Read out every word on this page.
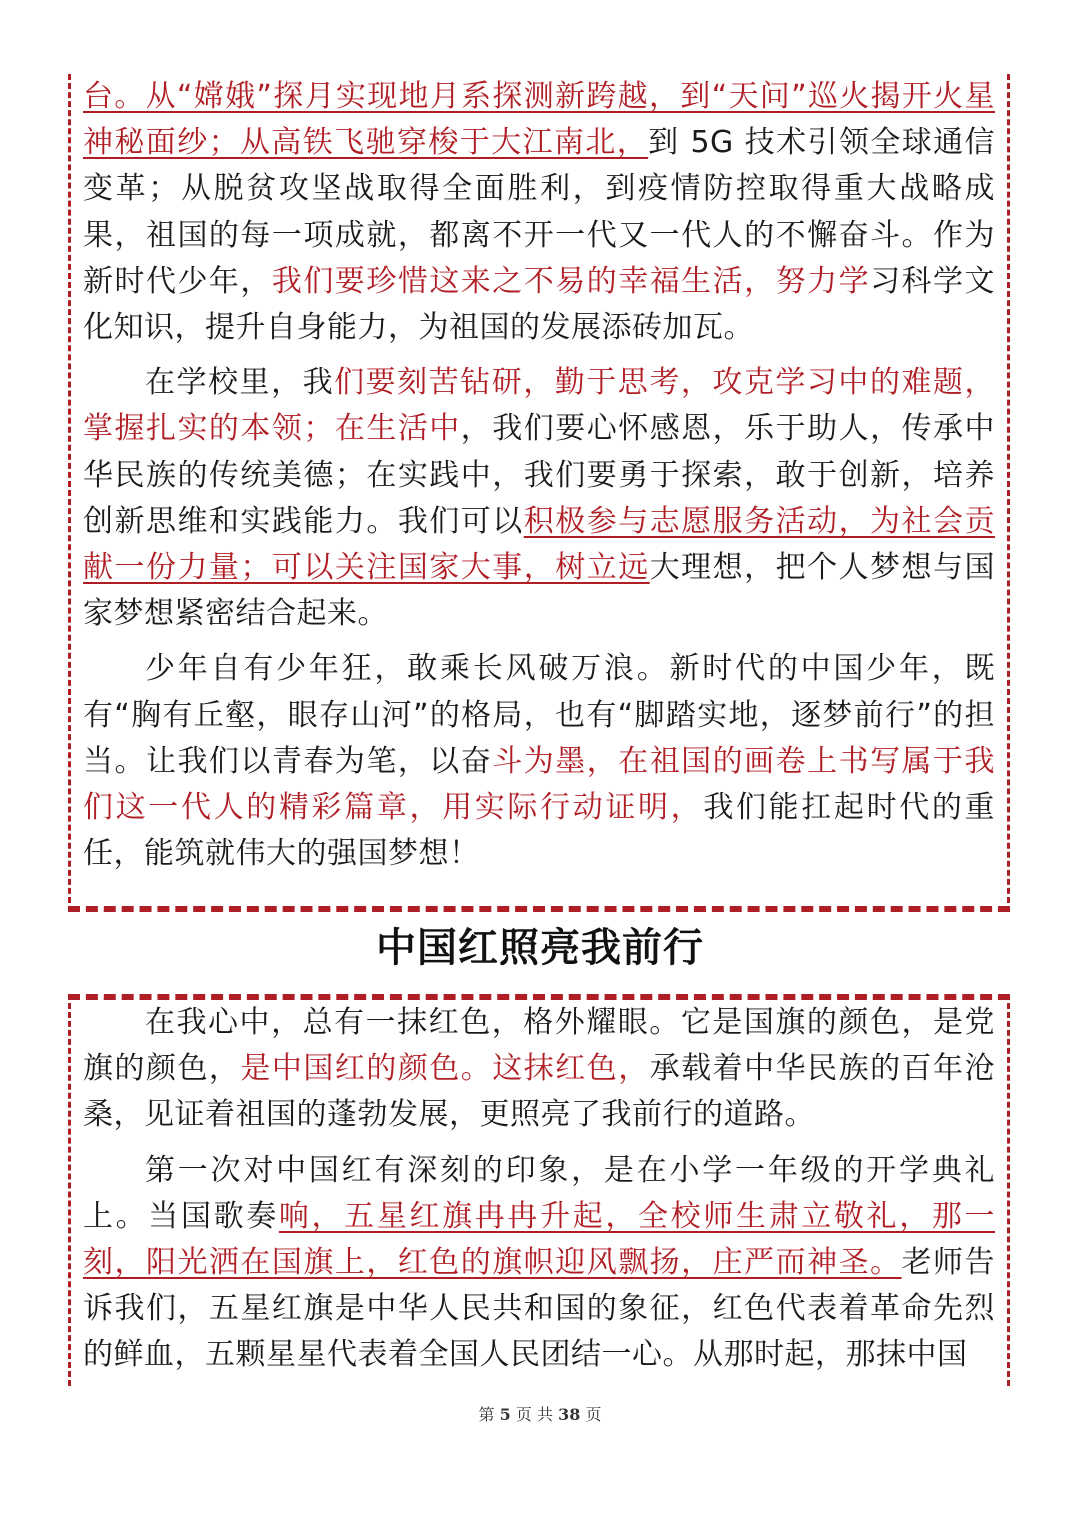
台。从“嫦娥”探月实现地月系探测新跨越，到“天问”巡火揭开火星神秘面纱；从高铁飞驰穿梭于大江南北，到 5G 技术引领全球通信变革；从脱贫攻坚战取得全面胜利，到疫情防控取得重大战略成果，祖国的每一项成就，都离不开一代又一代人的不懈奋斗。作为新时代少年，我们要珍惜这来之不易的幸福生活，努力学习科学文化知识，提升自身能力，为祖国的发展添砖加瓦。

在学校里，我们要刻苦钻研，勤于思考，攻克学习中的难题，掌握扎实的本领；在生活中，我们要心怀感恩，乐于助人，传承中华民族的传统美德；在实践中，我们要勇于探索，敢于创新，培养创新思维和实践能力。我们可以积极参与志愿服务活动，为社会贡献一份力量；可以关注国家大事，树立远大理想，把个人梦想与国家梦想紧密结合起来。

少年自有少年狂，敢乘长风破万浪。新时代的中国少年，既有“胸有丘壑，眼存山河”的格局，也有“脚踏实地，逐梦前行”的担当。让我们以青春为笔，以奋斗为墨，在祖国的画卷上书写属于我们这一代人的精彩篇章，用实际行动证明，我们能扛起时代的重任，能筑就伟大的强国梦想！

中国红照亮我前行

在我心中，总有一抹红色，格外耀眼。它是国旗的颜色，是党旗的颜色，是中国红的颜色。这抹红色，承载着中华民族的百年沧桑，见证着祖国的蓬勃发展，更照亮了我前行的道路。

第一次对中国红有深刻的印象，是在小学一年级的开学典礼上。当国歌奏响，五星红旗冉冉升起，全校师生肃立敬礼，那一刻，阳光洒在国旗上，红色的旗帜迎风飘扬，庄严而神圣。老师告诉我们，五星红旗是中华人民共和国的象征，红色代表着革命先烈的鲜血，五颗星星代表着全国人民团结一心。从那时起，那抹中国

第 5 页 共 38 页
